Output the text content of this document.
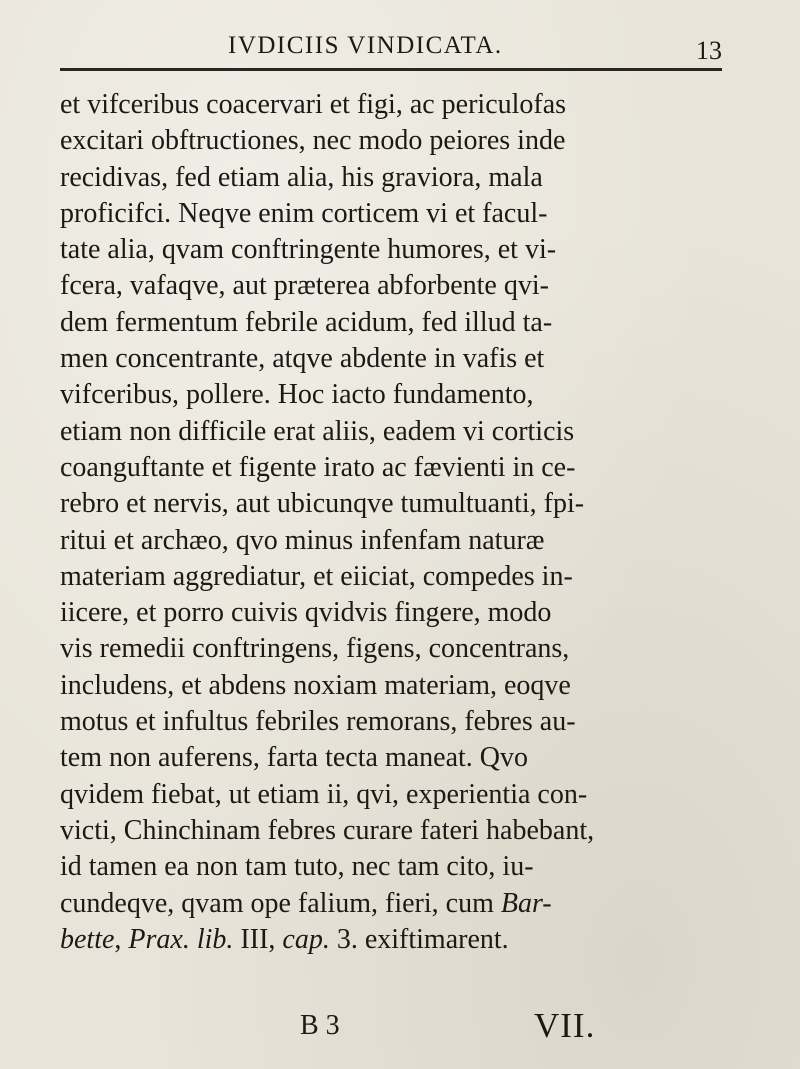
IVDICIIS VINDICATA.	13
et vifceribus coacervari et figi, ac periculofas
excitari obftructiones, nec modo peiores inde
recidivas, fed etiam alia, his graviora, mala
proficifci. Neqve enim corticem vi et facul-
tate alia, qvam conftringente humores, et vi-
fcera, vafaqve, aut præterea abforbente qvi-
dem fermentum febrile acidum, fed illud ta-
men concentrante, atqve abdente in vafis et
vifceribus, pollere. Hoc iacto fundamento,
etiam non difficile erat aliis, eadem vi corticis
coanguftante et figente irato ac fævienti in ce-
rebro et nervis, aut ubicunqve tumultuanti, fpi-
ritui et archæo, qvo minus infenfam naturæ
materiam aggrediatur, et eiiciat, compedes in-
iicere, et porro cuivis qvidvis fingere, modo
vis remedii conftringens, figens, concentrans,
includens, et abdens noxiam materiam, eoqve
motus et infultus febriles remorans, febres au-
tem non auferens, farta tecta maneat. Qvo
qvidem fiebat, ut etiam ii, qvi, experientia con-
victi, Chinchinam febres curare fateri habebant,
id tamen ea non tam tuto, nec tam cito, iu-
cundeqve, qvam ope falium, fieri, cum Bar-
bette, Prax. lib. III, cap. 3. exiftimarent.
B 3	VII.
